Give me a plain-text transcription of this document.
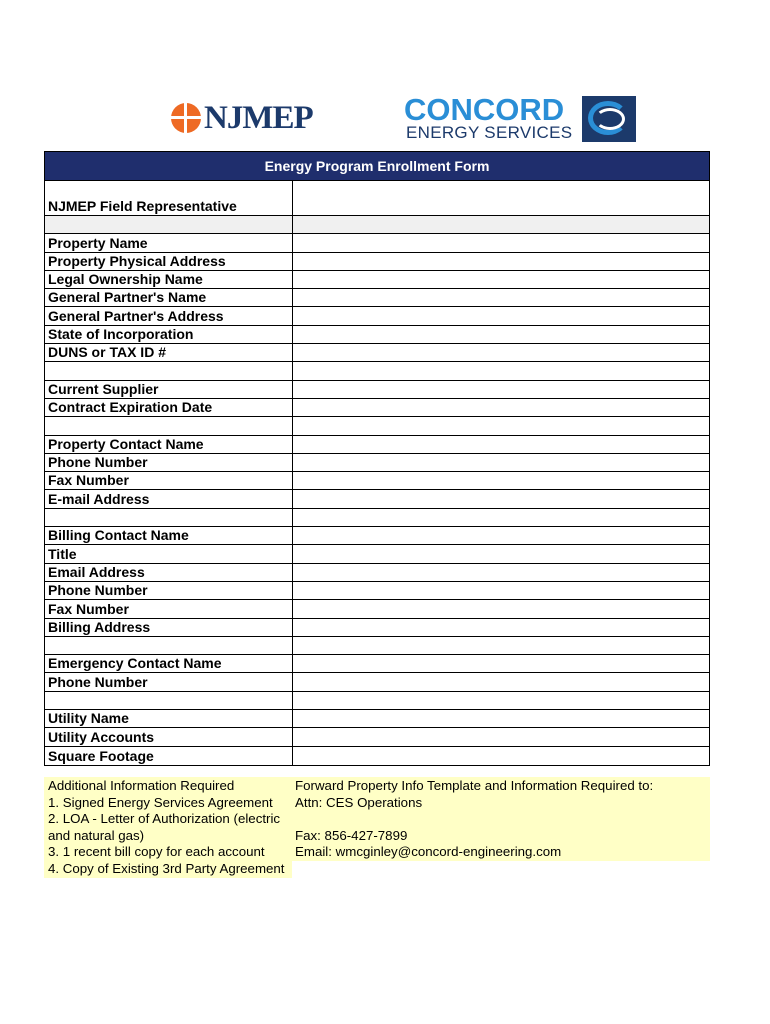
NJMEP	CONCORD
ENERGY SERVICES
Energy Program Enrollment Form
NJMEP Field Representative
Property Name
Property Physical Address
Legal Ownership Name
General Partner's Name
General Partner's Address
State of Incorporation
DUNS or TAX ID #
Current Supplier
Contract Expiration Date
Property Contact Name
Phone Number
Fax Number
E-mail Address
Billing Contact Name
Title
Email Address
Phone Number
Fax Number
Billing Address
Emergency Contact Name
Phone Number
Utility Name
Utility Accounts
Square Footage
Additional Information Required
1. Signed Energy Services Agreement
2. LOA - Letter of Authorization (electric
and natural gas)
3. 1 recent bill copy for each account
4. Copy of Existing 3rd Party Agreement
Forward Property Info Template and Information Required to:
Attn: CES Operations
Fax: 856-427-7899
Email: wmcginley@concord-engineering.com
